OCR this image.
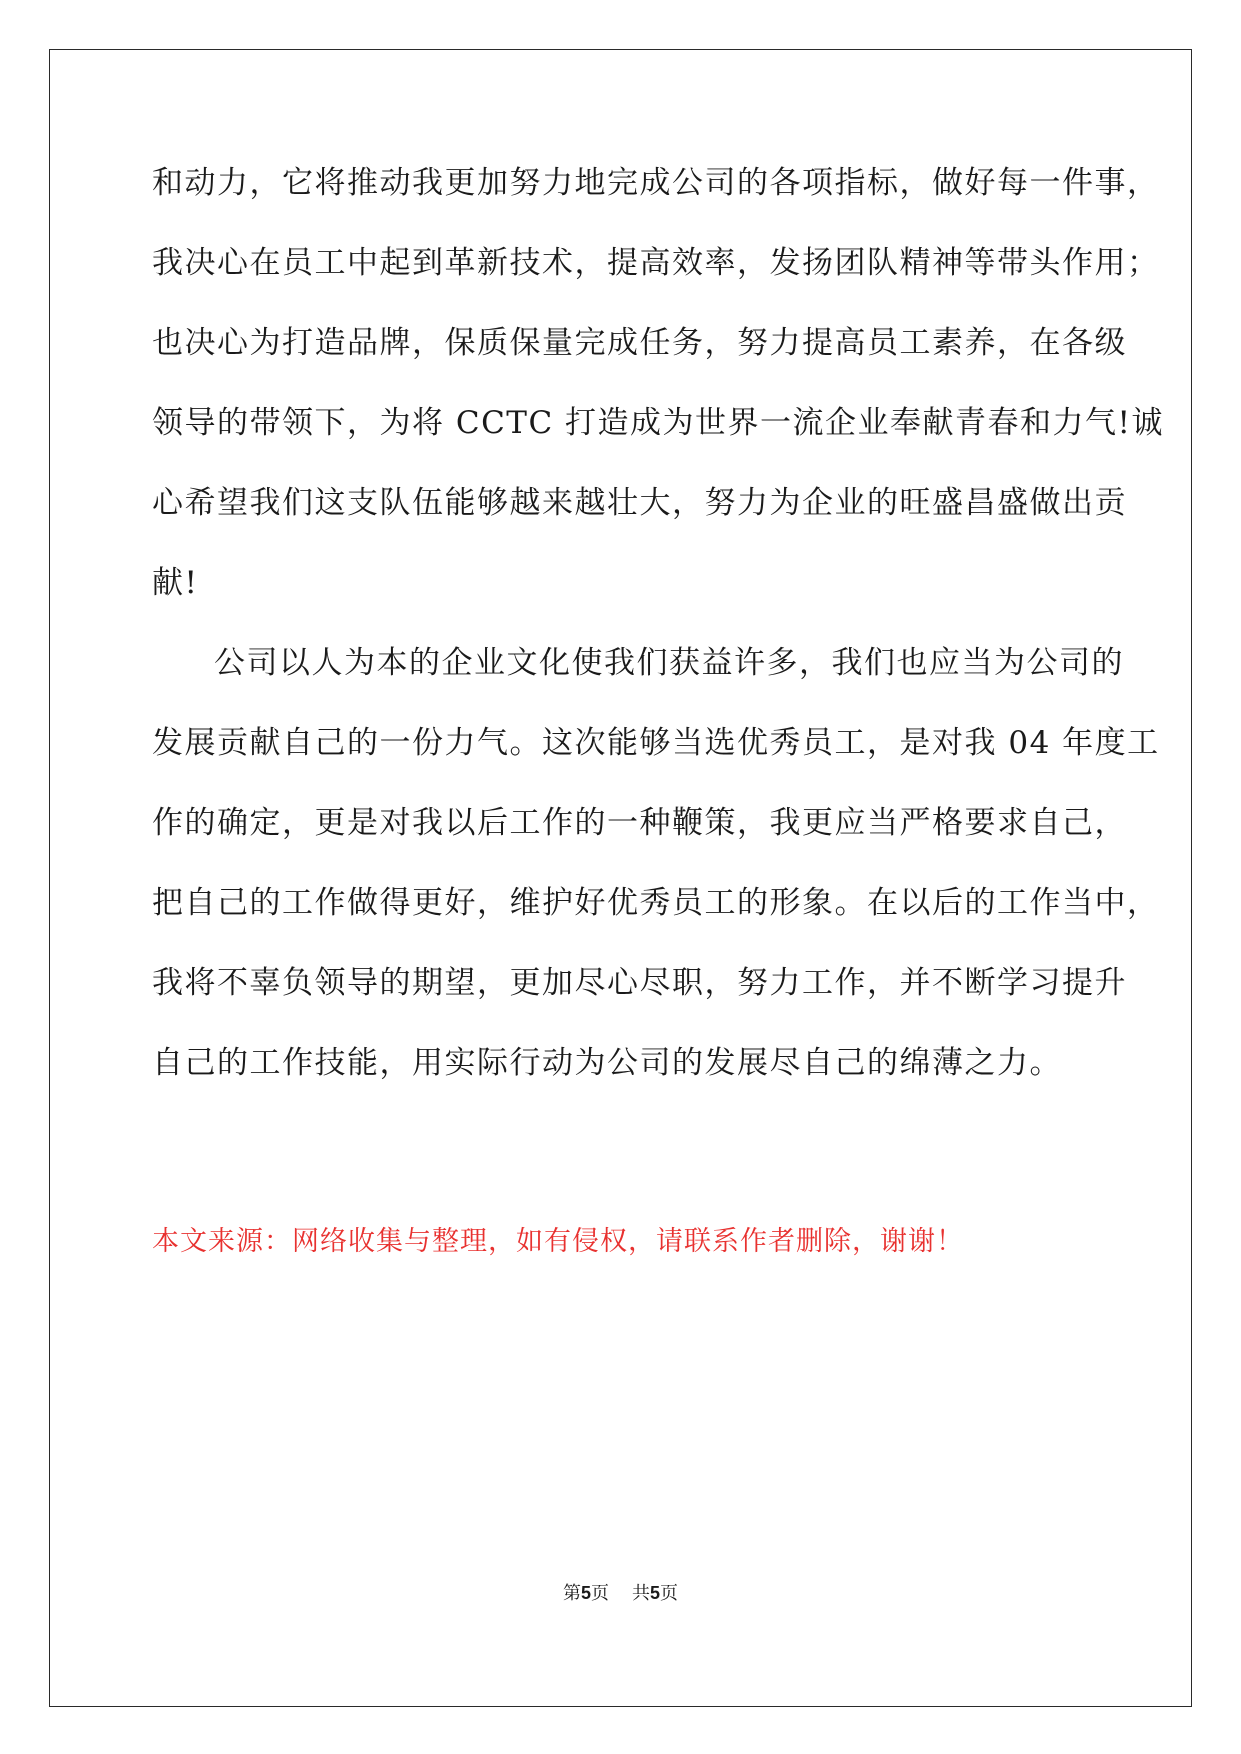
和动力，它将推动我更加努力地完成公司的各项指标，做好每一件事，
我决心在员工中起到革新技术，提高效率，发扬团队精神等带头作用；
也决心为打造品牌，保质保量完成任务，努力提高员工素养，在各级
领导的带领下，为将 CCTC 打造成为世界一流企业奉献青春和力气!诚
心希望我们这支队伍能够越来越壮大，努力为企业的旺盛昌盛做出贡
献!
公司以人为本的企业文化使我们获益许多，我们也应当为公司的
发展贡献自己的一份力气。这次能够当选优秀员工，是对我 04 年度工
作的确定，更是对我以后工作的一种鞭策，我更应当严格要求自己，
把自己的工作做得更好，维护好优秀员工的形象。在以后的工作当中，
我将不辜负领导的期望，更加尽心尽职，努力工作，并不断学习提升
自己的工作技能，用实际行动为公司的发展尽自己的绵薄之力。
本文来源：网络收集与整理，如有侵权，请联系作者删除，谢谢！
第5页 共5页
